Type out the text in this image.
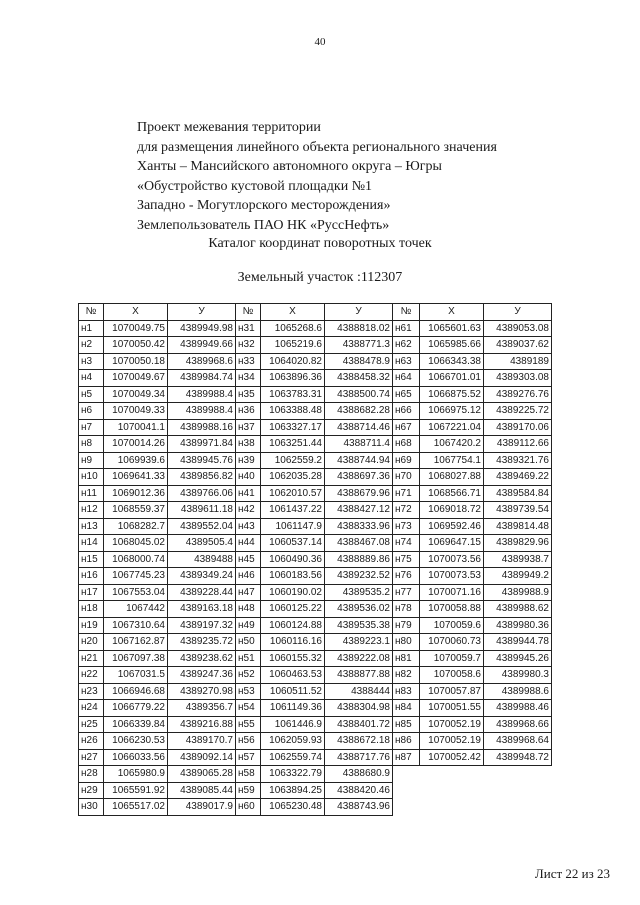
40
Проект межевания территории
для размещения линейного объекта регионального значения
Ханты – Мансийского автономного округа – Югры
«Обустройство кустовой площадки №1
Западно - Могутлорского месторождения»
Землепользователь ПАО НК «РуссНефть»
Каталог координат поворотных точек
Земельный участок :112307
№	X	У	№	X	У	№	X	У
н1	1070049.75	4389949.98	н31	1065268.6	4388818.02	н61	1065601.63	4389053.08
н2	1070050.42	4389949.66	н32	1065219.6	4388771.3	н62	1065985.66	4389037.62
н3	1070050.18	4389968.6	н33	1064020.82	4388478.9	н63	1066343.38	4389189
н4	1070049.67	4389984.74	н34	1063896.36	4388458.32	н64	1066701.01	4389303.08
н5	1070049.34	4389988.4	н35	1063783.31	4388500.74	н65	1066875.52	4389276.76
н6	1070049.33	4389988.4	н36	1063388.48	4388682.28	н66	1066975.12	4389225.72
н7	1070041.1	4389988.16	н37	1063327.17	4388714.46	н67	1067221.04	4389170.06
н8	1070014.26	4389971.84	н38	1063251.44	4388711.4	н68	1067420.2	4389112.66
н9	1069939.6	4389945.76	н39	1062559.2	4388744.94	н69	1067754.1	4389321.76
н10	1069641.33	4389856.82	н40	1062035.28	4388697.36	н70	1068027.88	4389469.22
н11	1069012.36	4389766.06	н41	1062010.57	4388679.96	н71	1068566.71	4389584.84
н12	1068559.37	4389611.18	н42	1061437.22	4388427.12	н72	1069018.72	4389739.54
н13	1068282.7	4389552.04	н43	1061147.9	4388333.96	н73	1069592.46	4389814.48
н14	1068045.02	4389505.4	н44	1060537.14	4388467.08	н74	1069647.15	4389829.96
н15	1068000.74	4389488	н45	1060490.36	4388889.86	н75	1070073.56	4389938.7
н16	1067745.23	4389349.24	н46	1060183.56	4389232.52	н76	1070073.53	4389949.2
н17	1067553.04	4389228.44	н47	1060190.02	4389535.2	н77	1070071.16	4389988.9
н18	1067442	4389163.18	н48	1060125.22	4389536.02	н78	1070058.88	4389988.62
н19	1067310.64	4389197.32	н49	1060124.88	4389535.38	н79	1070059.6	4389980.36
н20	1067162.87	4389235.72	н50	1060116.16	4389223.1	н80	1070060.73	4389944.78
н21	1067097.38	4389238.62	н51	1060155.32	4389222.08	н81	1070059.7	4389945.26
н22	1067031.5	4389247.36	н52	1060463.53	4388877.88	н82	1070058.6	4389980.3
н23	1066946.68	4389270.98	н53	1060511.52	4388444	н83	1070057.87	4389988.6
н24	1066779.22	4389356.7	н54	1061149.36	4388304.98	н84	1070051.55	4389988.46
н25	1066339.84	4389216.88	н55	1061446.9	4388401.72	н85	1070052.19	4389968.66
н26	1066230.53	4389170.7	н56	1062059.93	4388672.18	н86	1070052.19	4389968.64
н27	1066033.56	4389092.14	н57	1062559.74	4388717.76	н87	1070052.42	4389948.72
н28	1065980.9	4389065.28	н58	1063322.79	4388680.9			
н29	1065591.92	4389085.44	н59	1063894.25	4388420.46			
н30	1065517.02	4389017.9	н60	1065230.48	4388743.96			
Лист 22 из 23
